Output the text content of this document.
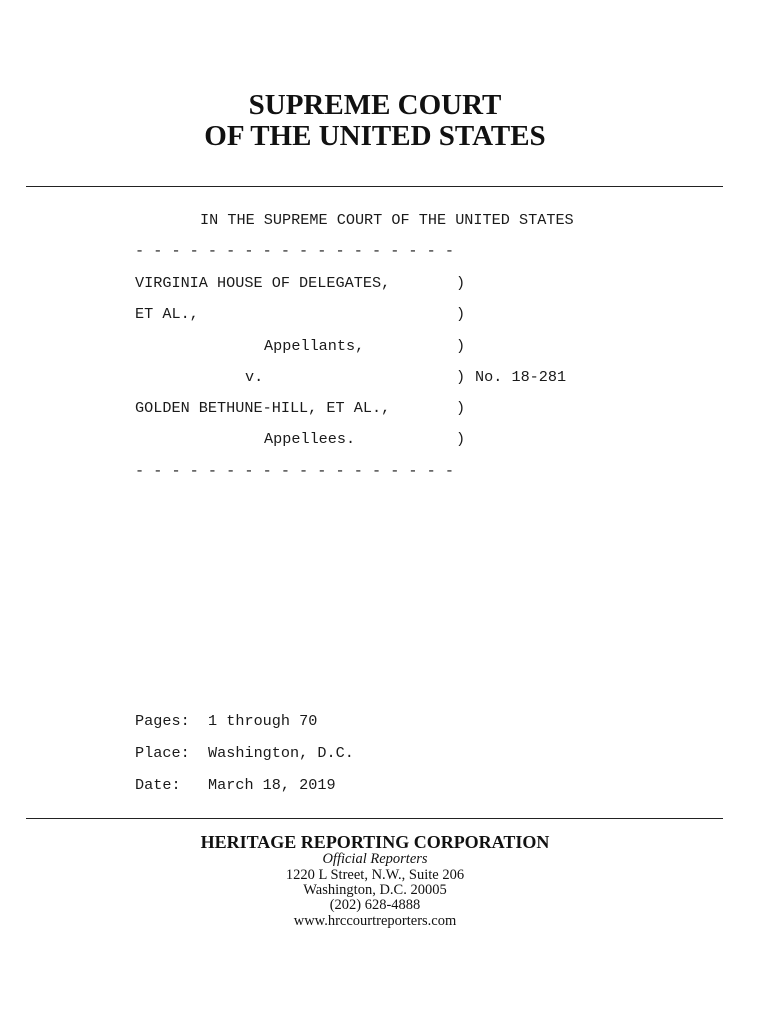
SUPREME COURT
OF THE UNITED STATES
IN THE SUPREME COURT OF THE UNITED STATES
- - - - - - - - - - - - - - - - - -
VIRGINIA HOUSE OF DELEGATES,	)
ET AL.,	)
Appellants,	)
v.	) No. 18-281
GOLDEN BETHUNE-HILL, ET AL.,	)
Appellees.	)
- - - - - - - - - - - - - - - - - -
Pages: 1 through 70
Place: Washington, D.C.
Date: March 18, 2019
HERITAGE REPORTING CORPORATION
Official Reporters
1220 L Street, N.W., Suite 206
Washington, D.C. 20005
(202) 628-4888
www.hrccourtreporters.com
